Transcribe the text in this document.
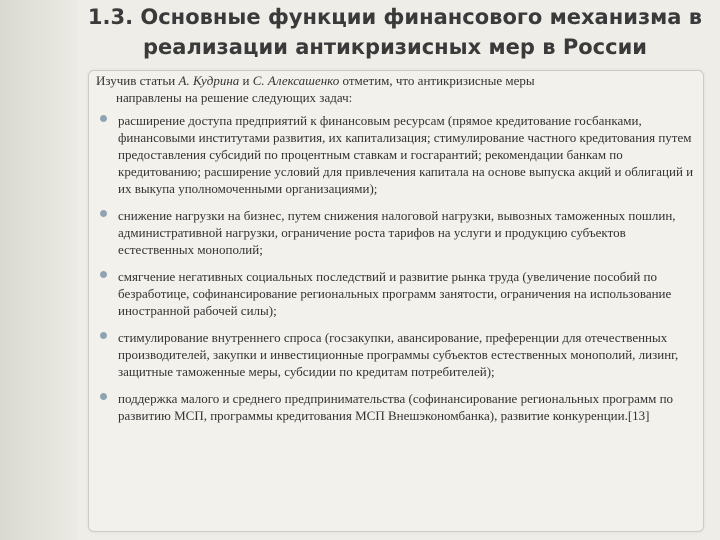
1.3. Основные функции финансового механизма в реализации антикризисных мер в России

Изучив статьи А. Кудрина и С. Алексашенко отметим, что антикризисные меры
направлены на решение следующих задач:

расширение доступа предприятий к финансовым ресурсам (прямое кредитование госбанками, финансовыми институтами развития, их капитализация; стимулирование частного кредитования путем предоставления субсидий по процентным ставкам и госгарантий; рекомендации банкам по кредитованию; расширение условий для привлечения капитала на основе выпуска акций и облигаций и их выкупа уполномоченными организациями);
снижение нагрузки на бизнес, путем снижения налоговой нагрузки, вывозных таможенных пошлин, административной нагрузки, ограничение роста тарифов на услуги и продукцию субъектов естественных монополий;
смягчение негативных социальных последствий и развитие рынка труда (увеличение пособий по безработице, софинансирование региональных программ занятости, ограничения на использование иностранной рабочей силы);
стимулирование внутреннего спроса (госзакупки, авансирование, преференции для отечественных производителей, закупки и инвестиционные программы субъектов естественных монополий, лизинг, защитные таможенные меры, субсидии по кредитам потребителей);
поддержка малого и среднего предпринимательства (софинансирование региональных программ по развитию МСП, программы кредитования МСП Внешэкономбанка), развитие конкуренции.[13]
